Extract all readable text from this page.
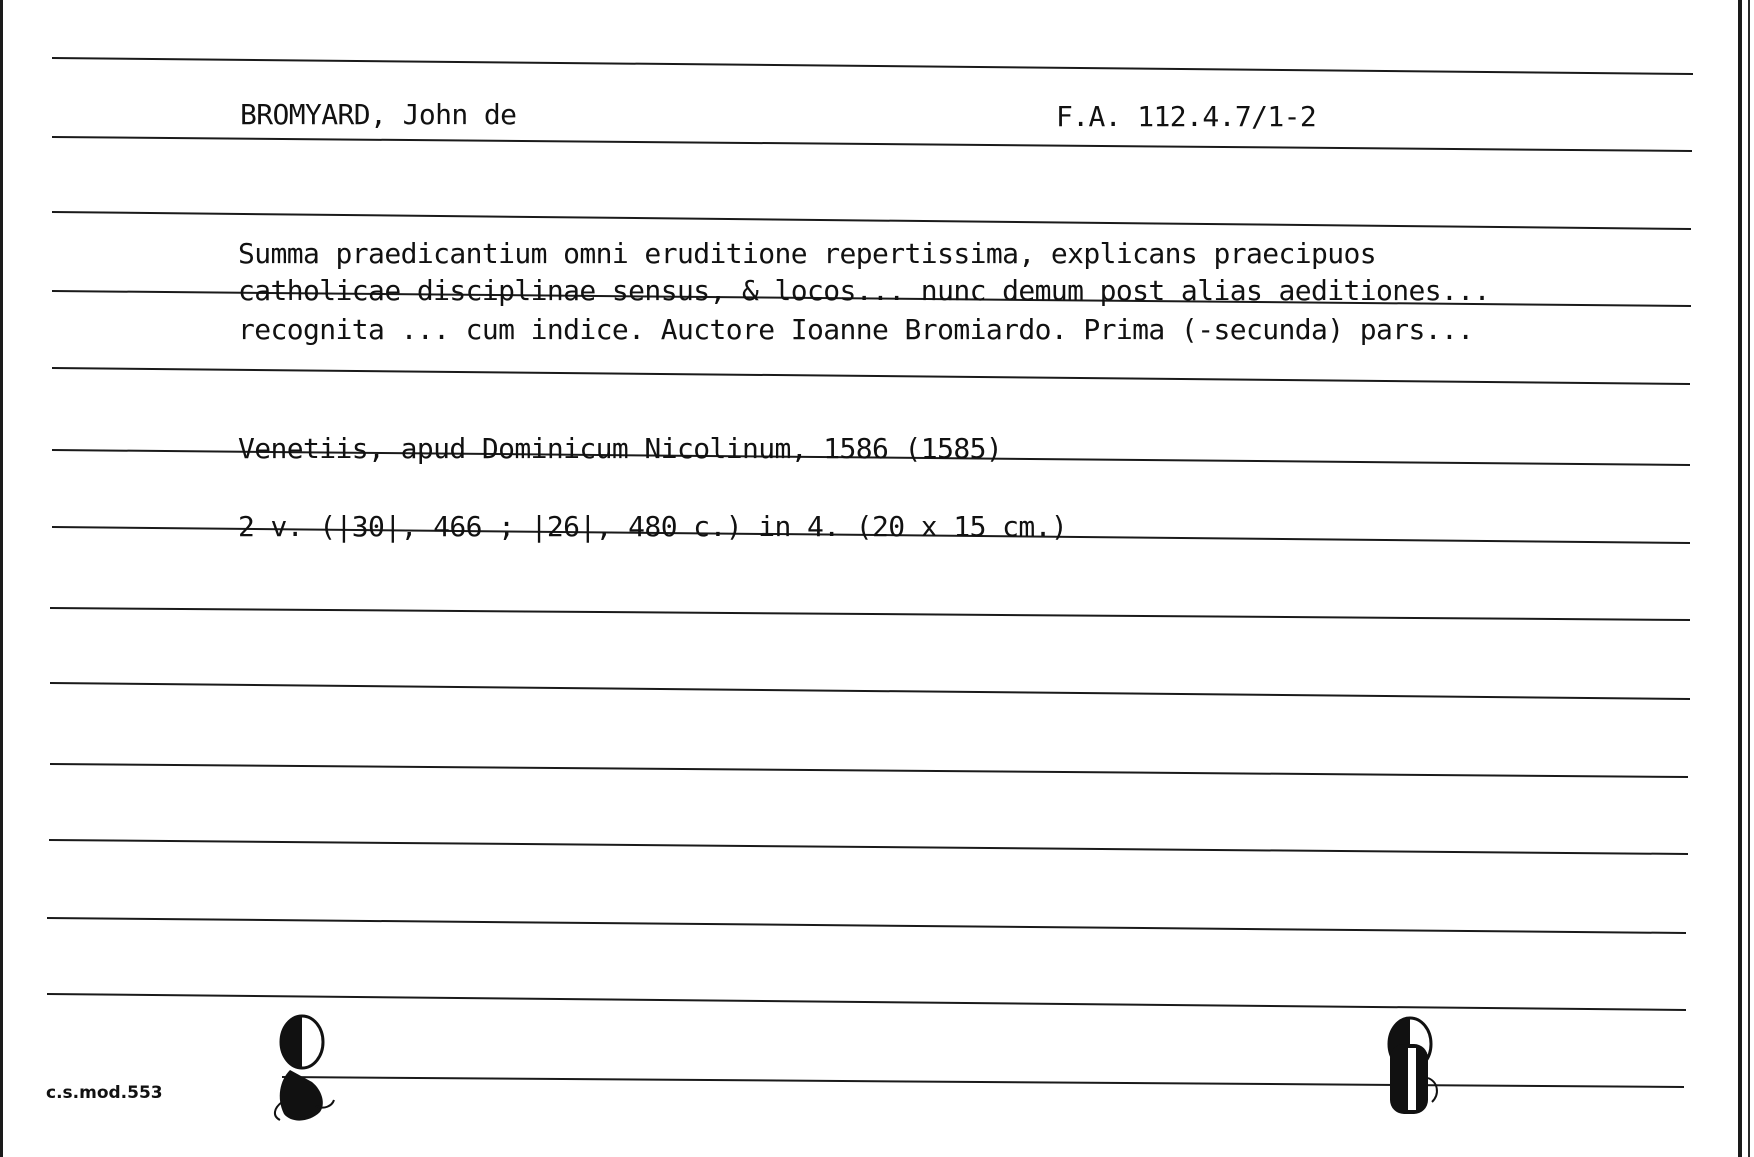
BROMYARD, John de	F.A. 112.4.7/1-2
Summa praedicantium omni eruditione repertissima, explicans praecipuos
catholicae disciplinae sensus, & locos... nunc demum post alias aeditiones...
recognita ... cum indice. Auctore Ioanne Bromiardo. Prima (-secunda) pars...
Venetiis, apud Dominicum Nicolinum, 1586 (1585)
2 v. (|30|, 466 ; |26|, 480 c.) in 4. (20 x 15 cm.)
c.s.mod.553
